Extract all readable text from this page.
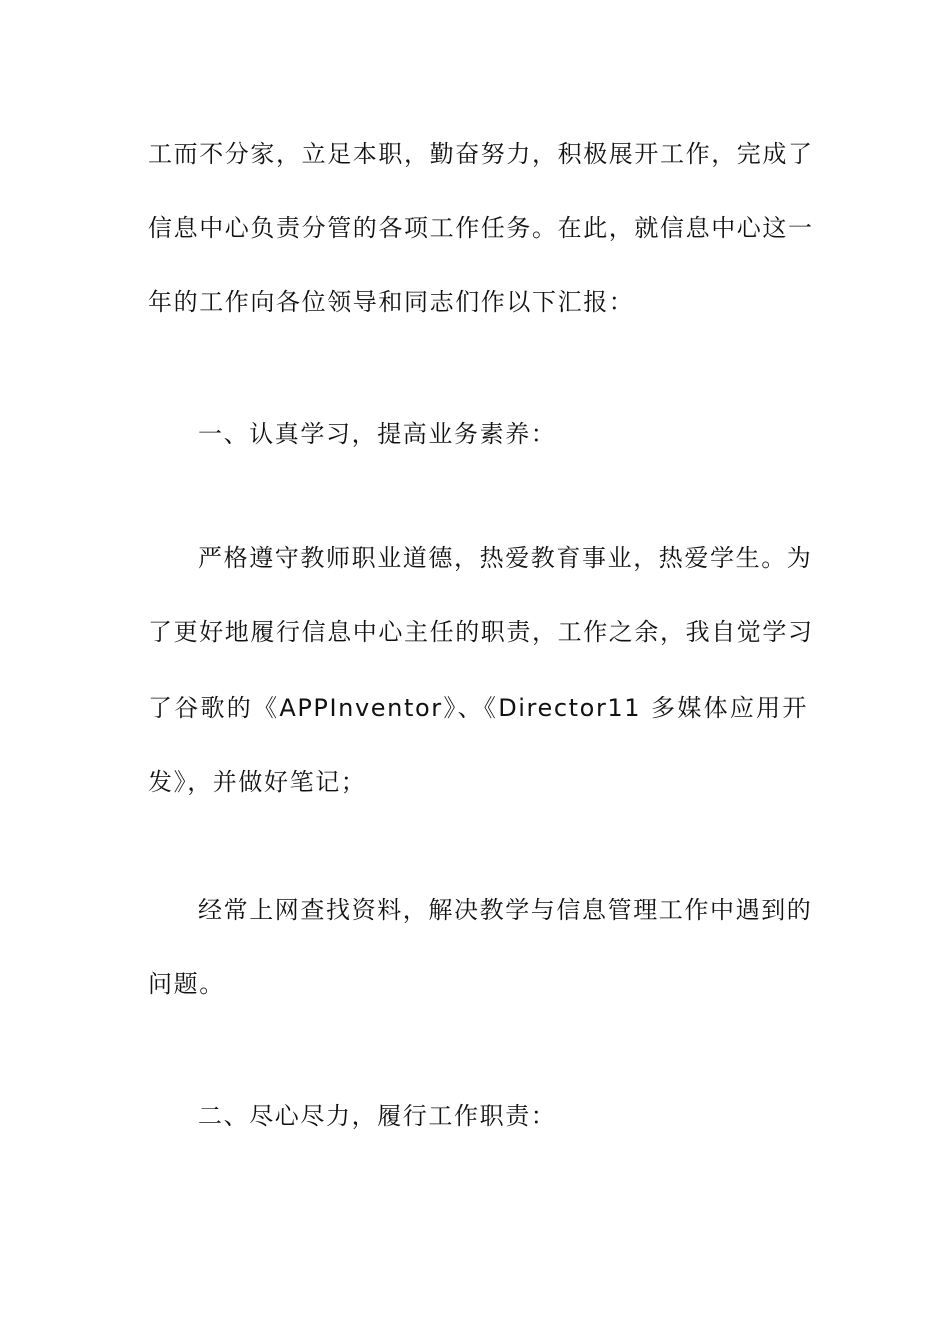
工而不分家，立足本职，勤奋努力，积极展开工作，完成了
信息中心负责分管的各项工作任务。在此，就信息中心这一
年的工作向各位领导和同志们作以下汇报：
一、认真学习，提高业务素养：
严格遵守教师职业道德，热爱教育事业，热爱学生。为
了更好地履行信息中心主任的职责，工作之余，我自觉学习
了谷歌的《APPInventor》、《Director11 多媒体应用开
发》，并做好笔记；
经常上网查找资料，解决教学与信息管理工作中遇到的
问题。
二、尽心尽力，履行工作职责：
